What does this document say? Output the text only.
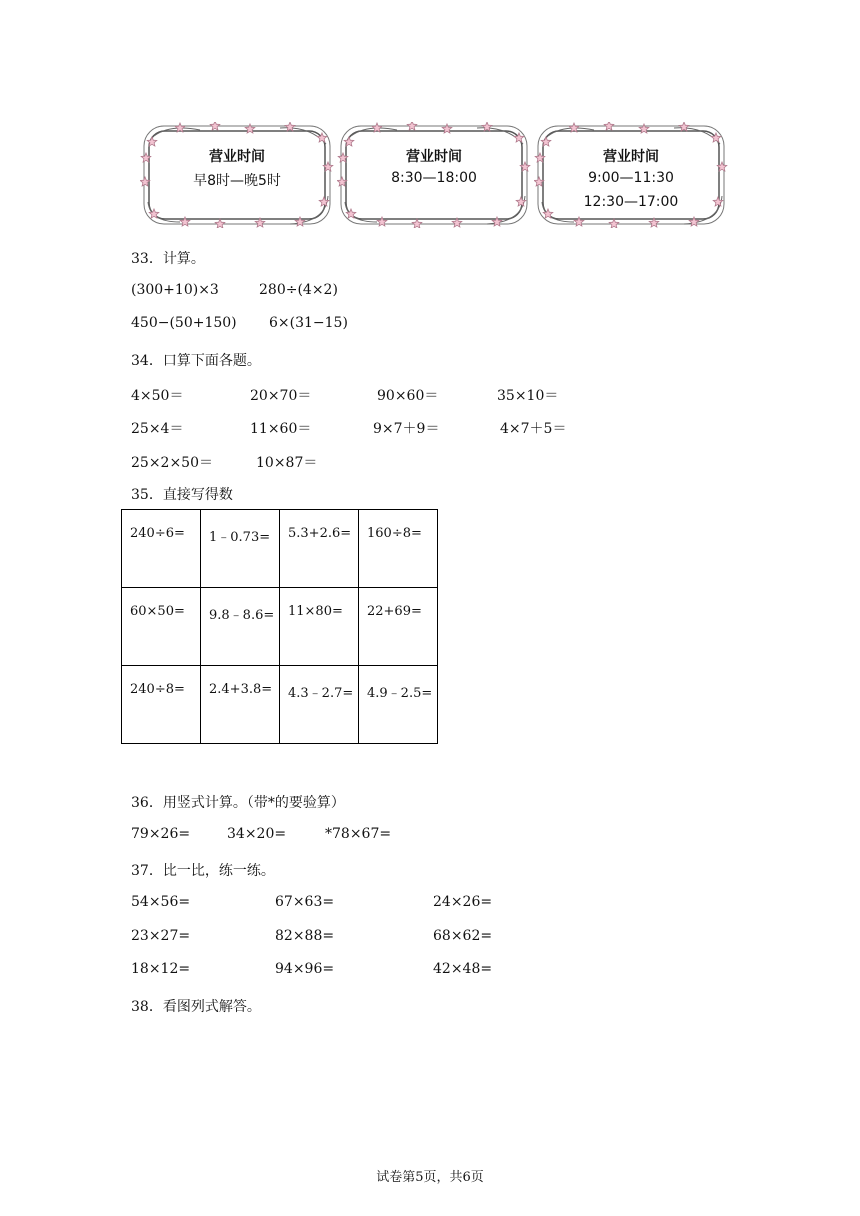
营业时间
早8时—晚5时
营业时间
8:30—18:00
营业时间
9:00—11:30
12:30—17:00
33．计算。
(300+10)×3	280÷(4×2)
450−(50+150) 6×(31−15)
34．口算下面各题。
4×50＝	20×70＝	90×60＝	35×10＝
25×4＝	11×60＝	9×7＋9＝	4×7＋5＝
25×2×50＝	10×87＝
35．直接写得数
240÷6=	1﹣0.73=	5.3+2.6=	160÷8=
60×50=	9.8﹣8.6=	11×80=	22+69=
240÷8=	2.4+3.8=	4.3﹣2.7=	4.9﹣2.5=
36．用竖式计算。（带*的要验算）
79×26=	34×20=	*78×67=
37．比一比，练一练。
54×56=	67×63=	24×26=
23×27=	82×88=	68×62=
18×12=	94×96=	42×48=
38．看图列式解答。
试卷第5页，共6页
